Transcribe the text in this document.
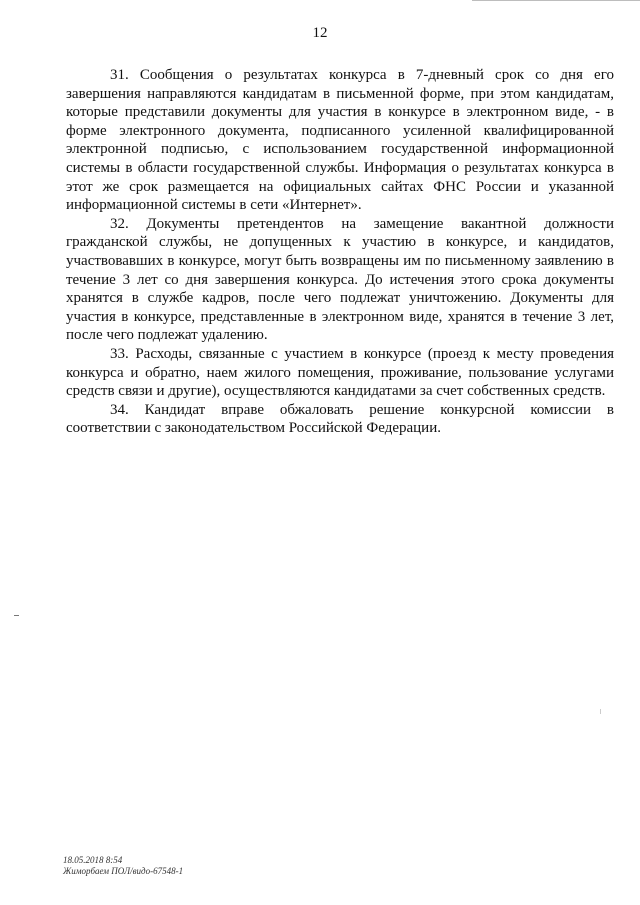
12

31. Сообщения о результатах конкурса в 7-дневный срок со дня его завершения направляются кандидатам в письменной форме, при этом кандидатам, которые представили документы для участия в конкурсе в электронном виде, - в форме электронного документа, подписанного усиленной квалифицированной электронной подписью, с использованием государственной информационной системы в области государственной службы. Информация о результатах конкурса в этот же срок размещается на официальных сайтах ФНС России и указанной информационной системы в сети «Интернет».

32. Документы претендентов на замещение вакантной должности гражданской службы, не допущенных к участию в конкурсе, и кандидатов, участвовавших в конкурсе, могут быть возвращены им по письменному заявлению в течение 3 лет со дня завершения конкурса. До истечения этого срока документы хранятся в службе кадров, после чего подлежат уничтожению. Документы для участия в конкурсе, представленные в электронном виде, хранятся в течение 3 лет, после чего подлежат удалению.

33. Расходы, связанные с участием в конкурсе (проезд к месту проведения конкурса и обратно, наем жилого помещения, проживание, пользование услугами средств связи и другие), осуществляются кандидатами за счет собственных средств.

34. Кандидат вправе обжаловать решение конкурсной комиссии в соответствии с законодательством Российской Федерации.

18.05.2018 8:54
Жиморбаем ПОЛ/видо-67548-1
